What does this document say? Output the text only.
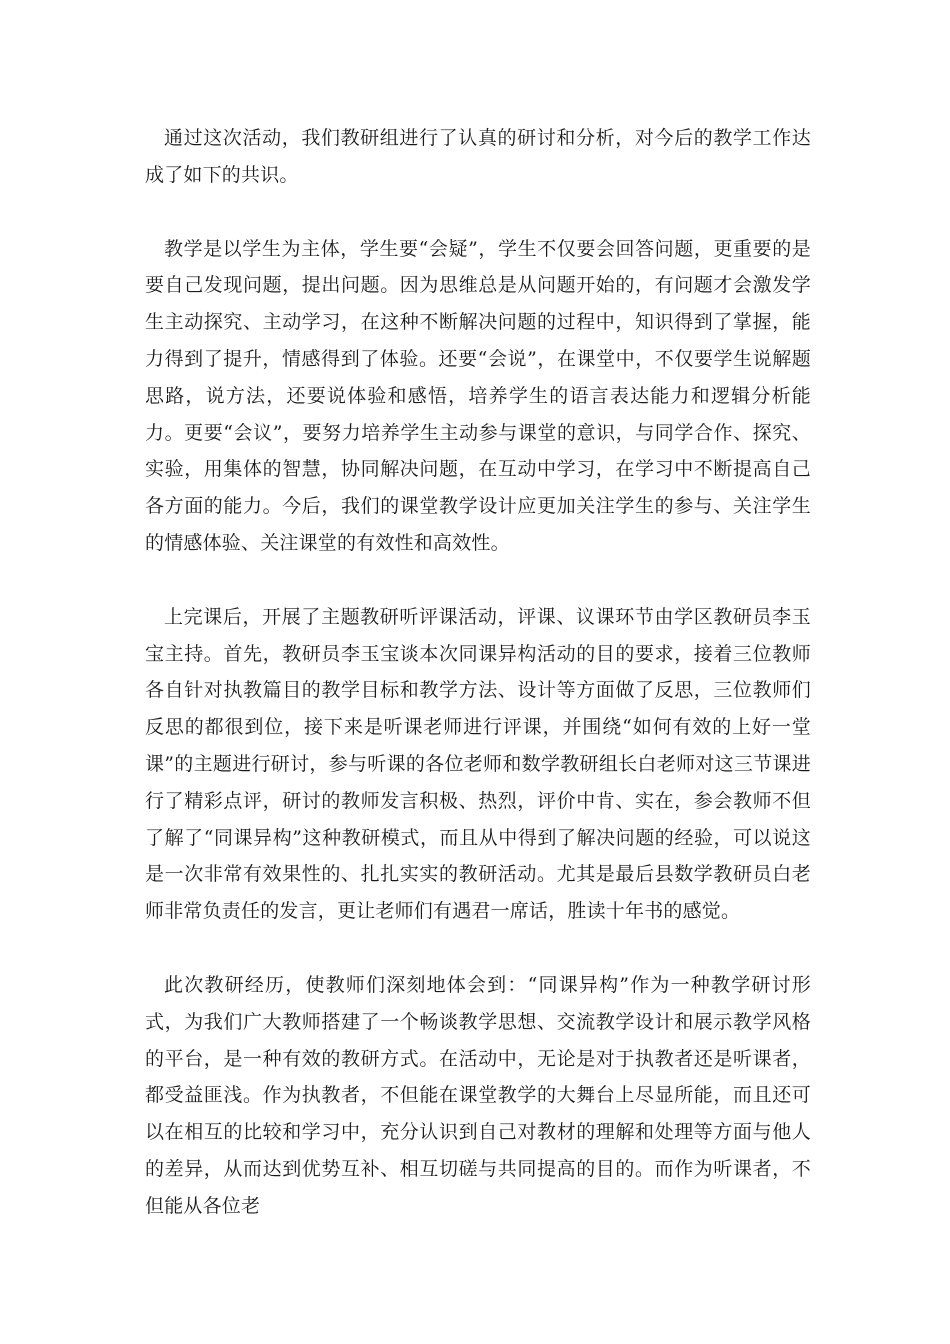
通过这次活动，我们教研组进行了认真的研讨和分析，对今后的教学工作达成了如下的共识。

教学是以学生为主体，学生要“会疑”，学生不仅要会回答问题，更重要的是要自己发现问题，提出问题。因为思维总是从问题开始的，有问题才会激发学生主动探究、主动学习，在这种不断解决问题的过程中，知识得到了掌握，能力得到了提升，情感得到了体验。还要“会说”，在课堂中，不仅要学生说解题思路，说方法，还要说体验和感悟，培养学生的语言表达能力和逻辑分析能力。更要“会议”，要努力培养学生主动参与课堂的意识，与同学合作、探究、实验，用集体的智慧，协同解决问题，在互动中学习，在学习中不断提高自己各方面的能力。今后，我们的课堂教学设计应更加关注学生的参与、关注学生的情感体验、关注课堂的有效性和高效性。

上完课后，开展了主题教研听评课活动，评课、议课环节由学区教研员李玉宝主持。首先，教研员李玉宝谈本次同课异构活动的目的要求，接着三位教师各自针对执教篇目的教学目标和教学方法、设计等方面做了反思，三位教师们反思的都很到位，接下来是听课老师进行评课，并围绕“如何有效的上好一堂课”的主题进行研讨，参与听课的各位老师和数学教研组长白老师对这三节课进行了精彩点评，研讨的教师发言积极、热烈，评价中肯、实在，参会教师不但了解了“同课异构”这种教研模式，而且从中得到了解决问题的经验，可以说这是一次非常有效果性的、扎扎实实的教研活动。尤其是最后县数学教研员白老师非常负责任的发言，更让老师们有遇君一席话，胜读十年书的感觉。

此次教研经历，使教师们深刻地体会到：“同课异构”作为一种教学研讨形式，为我们广大教师搭建了一个畅谈教学思想、交流教学设计和展示教学风格的平台，是一种有效的教研方式。在活动中，无论是对于执教者还是听课者，都受益匪浅。作为执教者，不但能在课堂教学的大舞台上尽显所能，而且还可以在相互的比较和学习中，充分认识到自己对教材的理解和处理等方面与他人的差异，从而达到优势互补、相互切磋与共同提高的目的。而作为听课者，不但能从各位老
